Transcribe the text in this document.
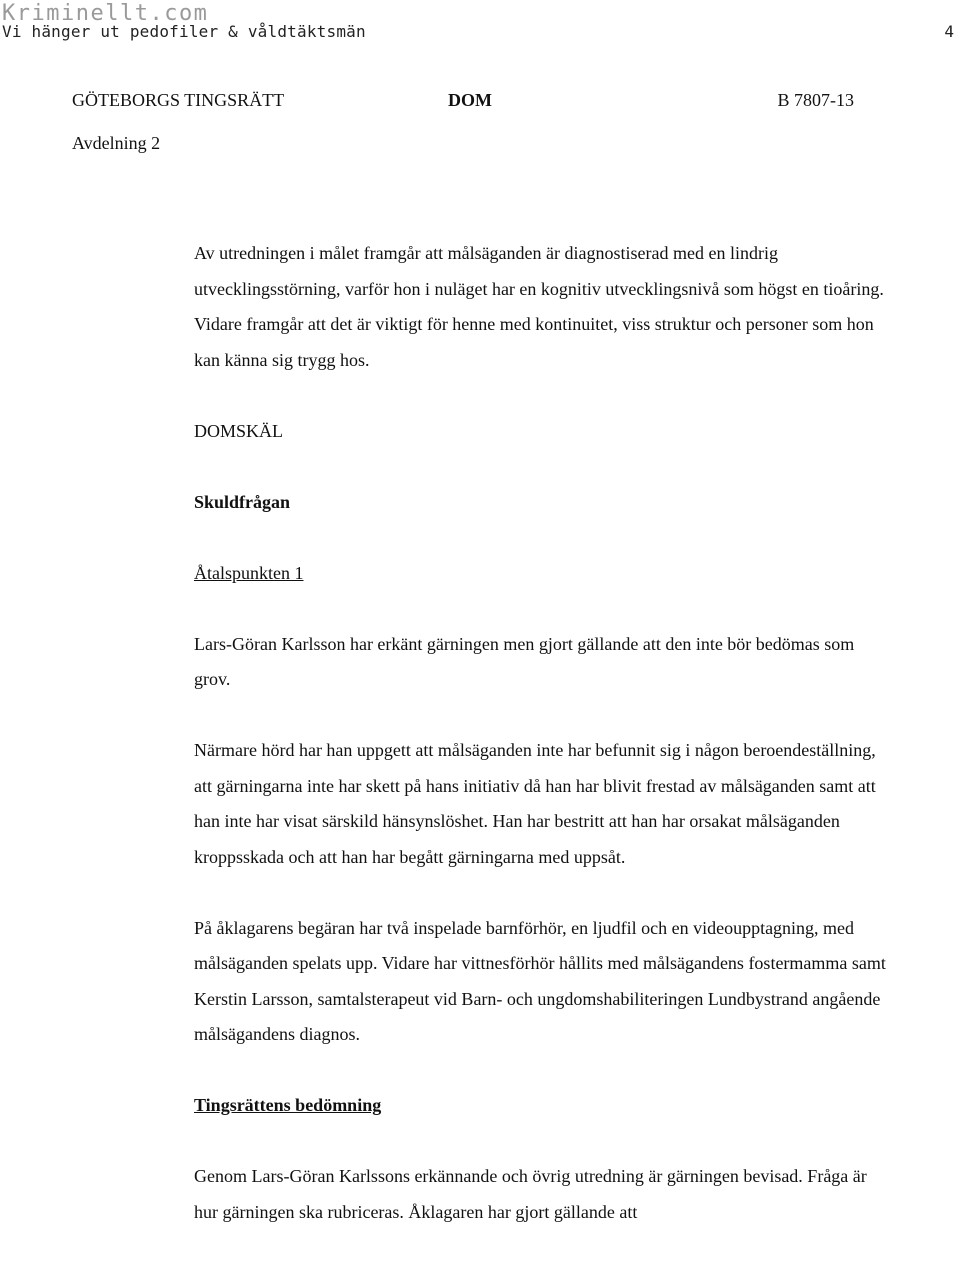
Kriminellt.com
Vi hänger ut pedofiler & våldtäktsmän	4
GÖTEBORGS TINGSRÄTT	DOM	B 7807-13
Avdelning 2

Av utredningen i målet framgår att målsäganden är diagnostiserad med en lindrig utvecklingsstörning, varför hon i nuläget har en kognitiv utvecklingsnivå som högst en tioåring. Vidare framgår att det är viktigt för henne med kontinuitet, viss struktur och personer som hon kan känna sig trygg hos.

DOMSKÄL

Skuldfrågan

Åtalspunkten 1

Lars-Göran Karlsson har erkänt gärningen men gjort gällande att den inte bör bedömas som grov.

Närmare hörd har han uppgett att målsäganden inte har befunnit sig i någon beroendeställning, att gärningarna inte har skett på hans initiativ då han har blivit frestad av målsäganden samt att han inte har visat särskild hänsynslöshet. Han har bestritt att han har orsakat målsäganden kroppsskada och att han har begått gärningarna med uppsåt.

På åklagarens begäran har två inspelade barnförhör, en ljudfil och en videoupptagning, med målsäganden spelats upp. Vidare har vittnesförhör hållits med målsägandens fostermamma samt Kerstin Larsson, samtalsterapeut vid Barn- och ungdomshabiliteringen Lundbystrand angående målsägandens diagnos.

Tingsrättens bedömning

Genom Lars-Göran Karlssons erkännande och övrig utredning är gärningen bevisad. Fråga är hur gärningen ska rubriceras. Åklagaren har gjort gällande att
